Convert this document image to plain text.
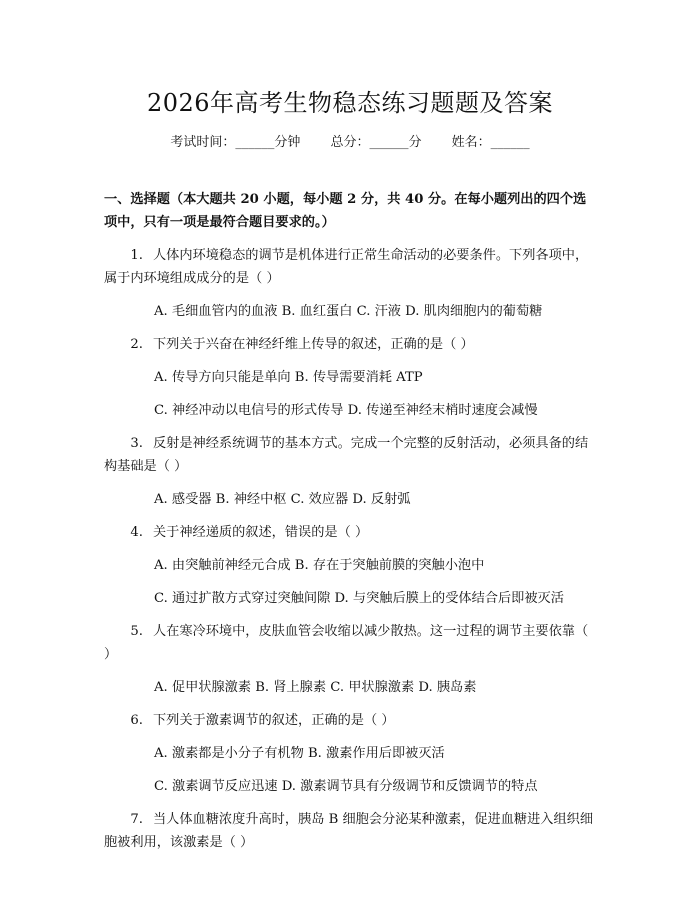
2026年高考生物稳态练习题题及答案
考试时间：______分钟 总分：______分 姓名：______

一、选择题（本大题共 20 小题，每小题 2 分，共 40 分。在每小题列出的四个选项中，只有一项是最符合题目要求的。）

1. 人体内环境稳态的调节是机体进行正常生命活动的必要条件。下列各项中，属于内环境组成成分的是（ ）

A. 毛细血管内的血液 B. 血红蛋白 C. 汗液 D. 肌肉细胞内的葡萄糖

2. 下列关于兴奋在神经纤维上传导的叙述，正确的是（ ）

A. 传导方向只能是单向 B. 传导需要消耗 ATP

C. 神经冲动以电信号的形式传导 D. 传递至神经末梢时速度会减慢

3. 反射是神经系统调节的基本方式。完成一个完整的反射活动，必须具备的结构基础是（ ）

A. 感受器 B. 神经中枢 C. 效应器 D. 反射弧

4. 关于神经递质的叙述，错误的是（ ）

A. 由突触前神经元合成 B. 存在于突触前膜的突触小泡中

C. 通过扩散方式穿过突触间隙 D. 与突触后膜上的受体结合后即被灭活

5. 人在寒冷环境中，皮肤血管会收缩以减少散热。这一过程的调节主要依靠（ ）

A. 促甲状腺激素 B. 肾上腺素 C. 甲状腺激素 D. 胰岛素

6. 下列关于激素调节的叙述，正确的是（ ）

A. 激素都是小分子有机物 B. 激素作用后即被灭活

C. 激素调节反应迅速 D. 激素调节具有分级调节和反馈调节的特点

7. 当人体血糖浓度升高时，胰岛 B 细胞会分泌某种激素，促进血糖进入组织细胞被利用，该激素是（ ）
